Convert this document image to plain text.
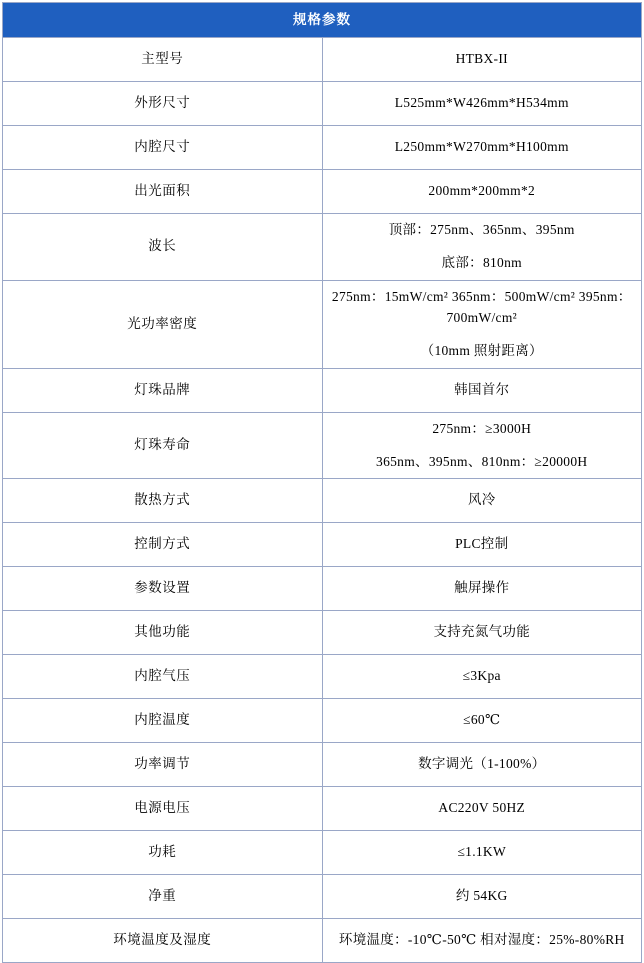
规格参数	
主型号	HTBX-II

外形尺寸	L525mm*W426mm*H534mm

内腔尺寸	L250mm*W270mm*H100mm

出光面积	200mm*200mm*2

波长	顶部：275nm、365nm、395nm
底部：810nm

光功率密度	275nm：15mW/cm² 365nm：500mW/cm² 395nm：700mW/cm²
（10mm 照射距离）

灯珠品牌	韩国首尔

灯珠寿命	275nm：≥3000H
365nm、395nm、810nm：≥20000H

散热方式	风冷

控制方式	PLC控制

参数设置	触屏操作

其他功能	支持充氮气功能

内腔气压	≤3Kpa

内腔温度	≤60℃

功率调节	数字调光（1-100%）

电源电压	AC220V 50HZ

功耗	≤1.1KW

净重	约 54KG

环境温度及湿度	环境温度：-10℃-50℃ 相对湿度：25%-80%RH
